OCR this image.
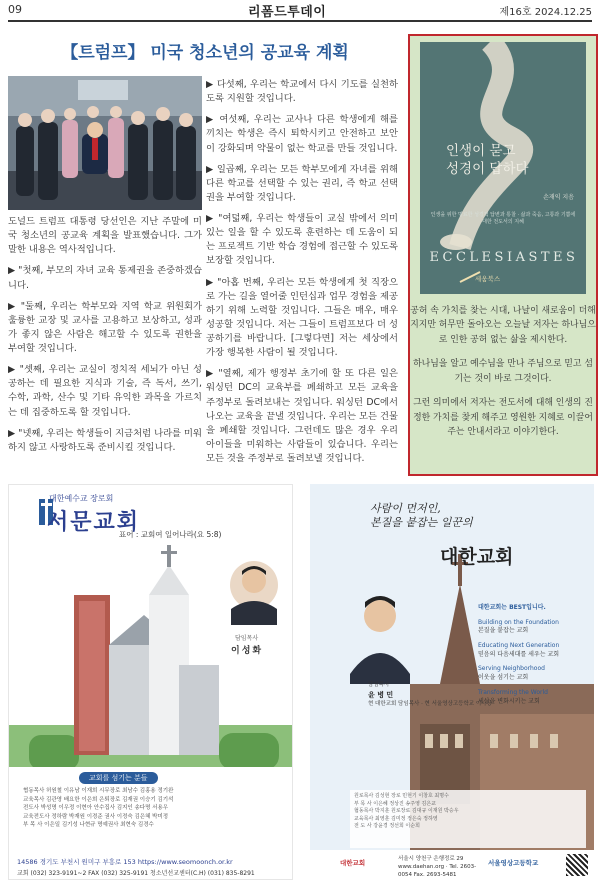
09	리폼드투데이	제16호 2024.12.25
【트럼프】 미국 청소년의 공교육 계획

도널드 트럼프 대통령 당선인은 지난 주말에 미국 청소년의 공교육 계획을 발표했습니다. 그가 말한 내용은 역사적입니다.

▶ "첫째, 부모의 자녀 교육 통제권을 존중하겠습니다.

▶ "둘째, 우리는 학부모와 지역 학교 위원회가 훌륭한 교장 및 교사를 고용하고 보상하고, 성과가 좋지 않은 사람은 해고할 수 있도록 권한을 부여할 것입니다.

▶ "셋째, 우리는 교실이 정치적 세뇌가 아닌 성공하는 데 필요한 지식과 기술, 즉 독서, 쓰기, 수학, 과학, 산수 및 기타 유익한 과목을 가르치는 데 집중하도록 할 것입니다.

▶ "넷째, 우리는 학생들이 지금처럼 나라를 미워하지 않고 사랑하도록 준비시킬 것입니다.

▶ 다섯째, 우리는 학교에서 다시 기도를 실천하도록 지원할 것입니다.

▶ 여섯째, 우리는 교사나 다른 학생에게 해를 끼치는 학생은 즉시 퇴학시키고 안전하고 보안이 강화되며 약물이 없는 학교를 만들 것입니다.

▶ 일곱째, 우리는 모든 학부모에게 자녀를 위해 다른 학교를 선택할 수 있는 권리, 즉 학교 선택권을 부여할 것입니다.

▶ "여덟째, 우리는 학생들이 교실 밖에서 의미 있는 일을 할 수 있도록 훈련하는 데 도움이 되는 프로젝트 기반 학습 경험에 접근할 수 있도록 보장할 것입니다.

▶ "아홉 번째, 우리는 모든 학생에게 첫 직장으로 가는 길을 열어줄 인턴십과 업무 경험을 제공하기 위해 노력할 것입니다. 그들은 매우, 매우 성공할 것입니다. 저는 그들이 트럼프보다 더 성공하기를 바랍니다. [그렇다면] 저는 세상에서 가장 행복한 사람이 될 것입니다.

▶ "열째, 제가 행정부 초기에 할 또 다른 일은 워싱턴 DC의 교육부를 폐쇄하고 모든 교육을 주정부로 돌려보내는 것입니다. 워싱턴 DC에서 나오는 교육을 끝낼 것입니다. 우리는 모든 건물을 폐쇄할 것입니다. 그런데도 많은 경우 우리 아이들을 미워하는 사람들이 있습니다. 우리는 모든 것을 주정부로 돌려보낼 것입니다.

인생이 묻고
성경이 답하다
손재익 지음
인생을 위한 명료한 성경적 답변과 통찰 · 삶과 죽음, 고통과 기쁨에 대한 전도서의 지혜
ECCLESIASTES
세움북스

공허 속 가치를 찾는 시대, 나날이 새로움이 더해지지만 허무만 돌아오는 오늘날 저자는 하나님으로 인한 공허 없는 삶을 제시한다.

하나님을 알고 예수님을 만나 주님으로 믿고 섬기는 것이 바로 그것이다.

그런 의미에서 저자는 전도서에 대해 인생의 진정한 가치를 찾게 해주고 영원한 지혜로 이끌어주는 안내서라고 이야기한다.

대한예수교 장로회
서문교회
표어 : 교회여 일어나라(요 5:8)
담임목사
이성화
교회를 섬기는 분들
협동목사 허원철 이유남 이재희 시무장로 최남수 김홍용 정기완
교육목사 김관영 배요한 이은희 은퇴장로 김재권 이승기 김기석
전도사 박성명 이우정 이현아 안수집사 김지인 송다명 서용우
교육전도사 정하람 박재원 이경준 권사 이정숙 김은혜 박미정
부 목 사 이은일 김기성 나현규 명예권사 최현숙 김경수
14586 경기도 부천시 원미구 부흥로 153 https://www.seomoonch.or.kr
교회 (032) 323-9191~2 FAX (032) 325-9191 청소년선교센터(C.H) (031) 835-8291
사람이 먼저인,
본질을 붙잡는 일꾼의
대한교회
대한교회는 BEST입니다.
Building on the Foundation
본질을 붙잡는 교회
Educating Next Generation
믿음의 다음세대를 세우는 교회
Serving Neighborhood
이웃을 섬기는 교회
Transforming the World
세상을 변화시키는 교회
담임목사
윤 병 민
현 대한교회 담임목사 · 현 서울영상고등학교 이사장
원로목사 김성현 장로 민현기 이창호 최명수
부 목 사 이은혜 정상진 송주영 김은교
협동목사 박지훈 원로장로 김대규 이재원 박승우
교육목사 최영훈 김미정 정은숙 정하영
전 도 사 강윤경 정선희 이순희
대한교회	서울시 양천구 은행정로 29 www.daehan.org · Tel. 2603-0054 Fax. 2693-5481
서울영상고등학교
